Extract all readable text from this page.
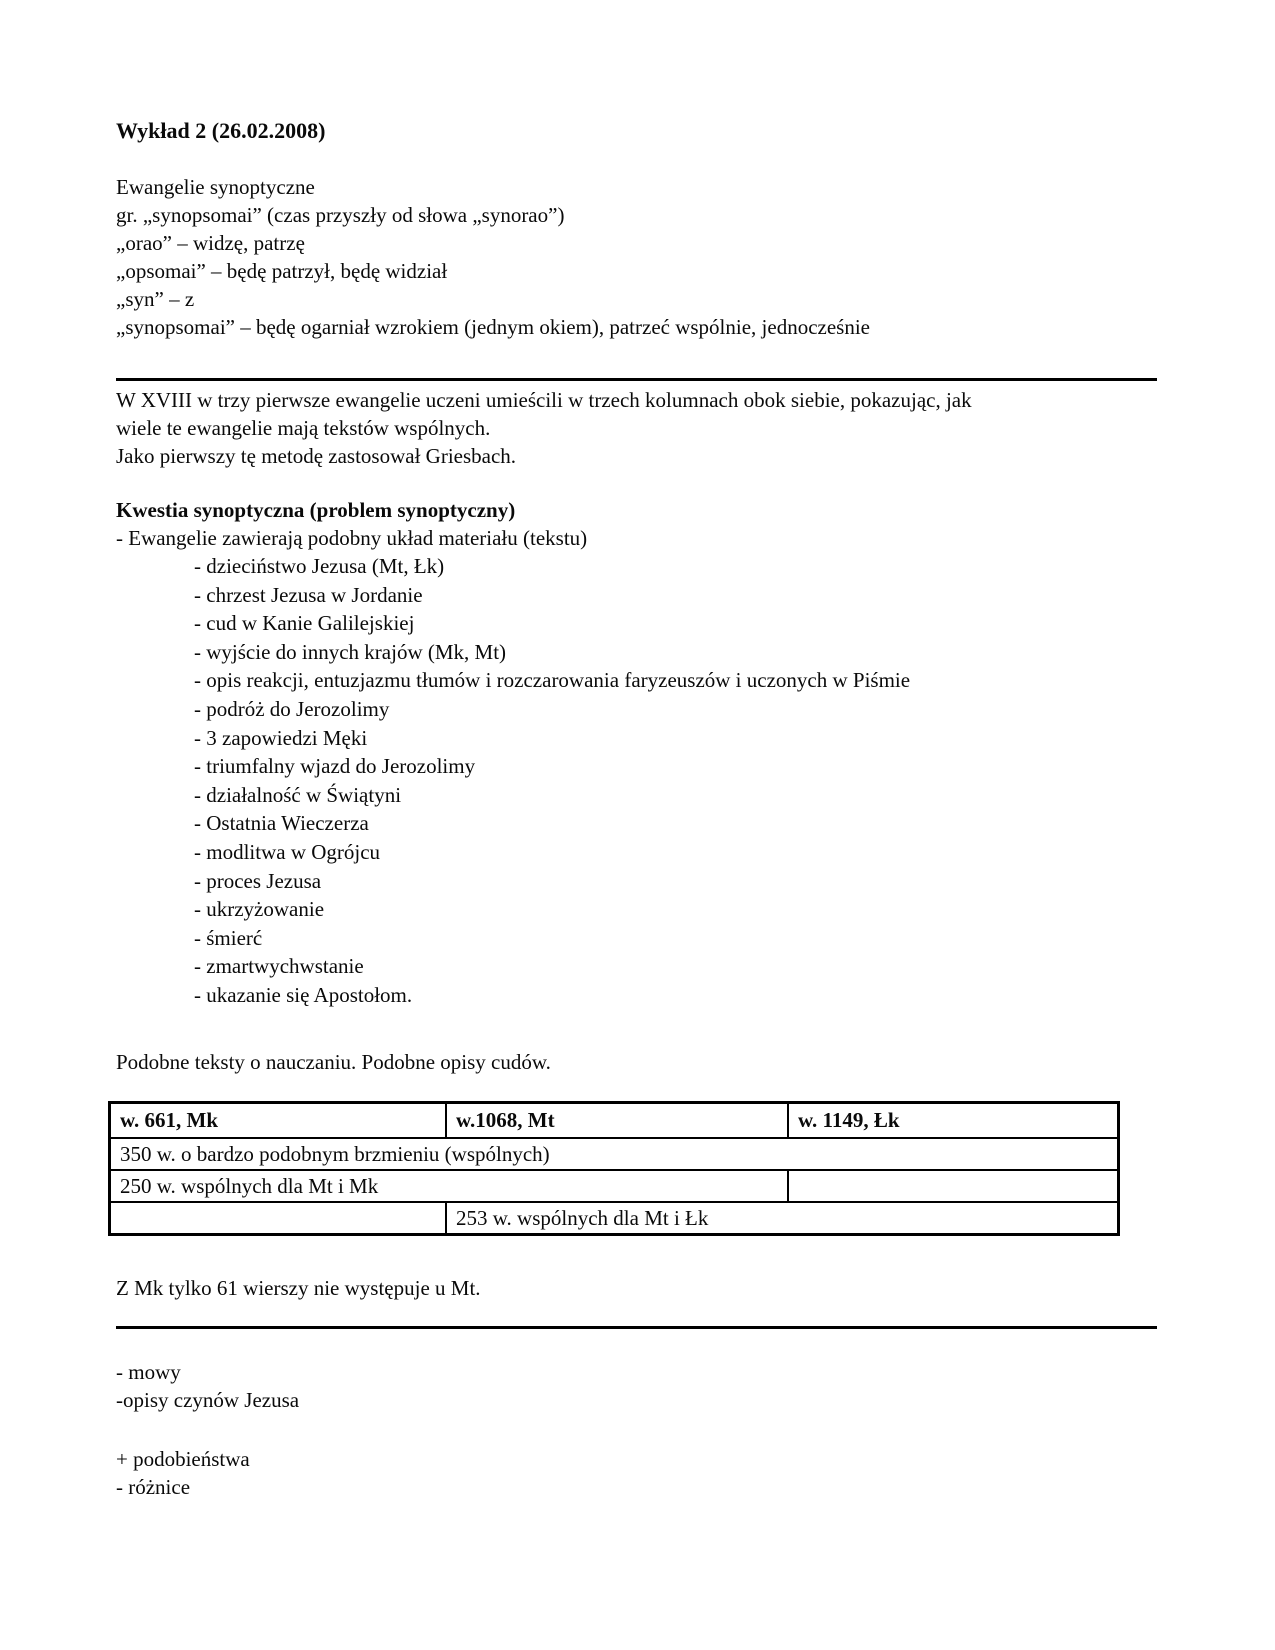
Wykład 2 (26.02.2008)
Ewangelie synoptyczne
gr. „synopsomai” (czas przyszły od słowa „synorao”)
„orao” – widzę, patrzę
„opsomai” – będę patrzył, będę widział
„syn” – z
„synopsomai” – będę ogarniał wzrokiem (jednym okiem), patrzeć wspólnie, jednocześnie
W XVIII w trzy pierwsze ewangelie uczeni umieścili w trzech kolumnach obok siebie, pokazując, jak
wiele te ewangelie mają tekstów wspólnych.
Jako pierwszy tę metodę zastosował Griesbach.
Kwestia synoptyczna (problem synoptyczny)
- Ewangelie zawierają podobny układ materiału (tekstu)
- dzieciństwo Jezusa (Mt, Łk)
- chrzest Jezusa w Jordanie
- cud w Kanie Galilejskiej
- wyjście do innych krajów (Mk, Mt)
- opis reakcji, entuzjazmu tłumów i rozczarowania faryzeuszów i uczonych w Piśmie
- podróż do Jerozolimy
- 3 zapowiedzi Męki
- triumfalny wjazd do Jerozolimy
- działalność w Świątyni
- Ostatnia Wieczerza
- modlitwa w Ogrójcu
- proces Jezusa
- ukrzyżowanie
- śmierć
- zmartwychwstanie
- ukazanie się Apostołom.
Podobne teksty o nauczaniu. Podobne opisy cudów.
w. 661, Mk	w.1068, Mt	w. 1149, Łk
350 w. o bardzo podobnym brzmieniu (wspólnych)		
250 w. wspólnych dla Mt i Mk		
	253 w. wspólnych dla Mt i Łk	
Z Mk tylko 61 wierszy nie występuje u Mt.
- mowy
-opisy czynów Jezusa
+ podobieństwa
- różnice
